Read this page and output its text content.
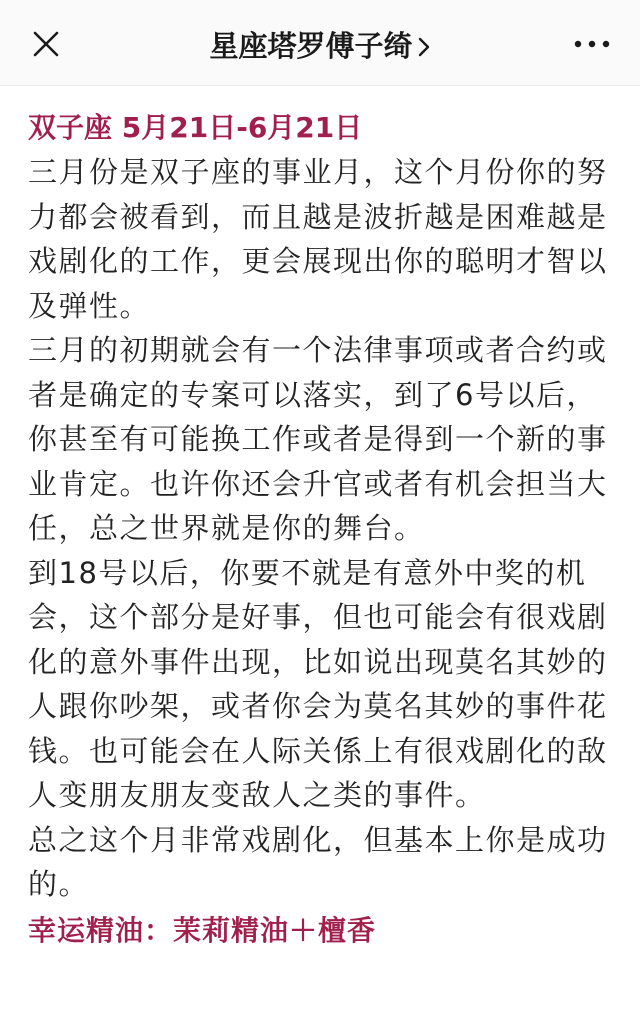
星座塔罗傅子绮

双子座 5月21日-6月21日

三月份是双子座的事业月，这个月份你的努力都会被看到，而且越是波折越是困难越是戏剧化的工作，更会展现出你的聪明才智以及弹性。

三月的初期就会有一个法律事项或者合约或者是确定的专案可以落实，到了6号以后，你甚至有可能换工作或者是得到一个新的事业肯定。也许你还会升官或者有机会担当大任，总之世界就是你的舞台。

到18号以后，你要不就是有意外中奖的机会，这个部分是好事，但也可能会有很戏剧化的意外事件出现，比如说出现莫名其妙的人跟你吵架，或者你会为莫名其妙的事件花钱。也可能会在人际关係上有很戏剧化的敌人变朋友朋友变敌人之类的事件。

总之这个月非常戏剧化，但基本上你是成功的。

幸运精油：茉莉精油＋檀香
